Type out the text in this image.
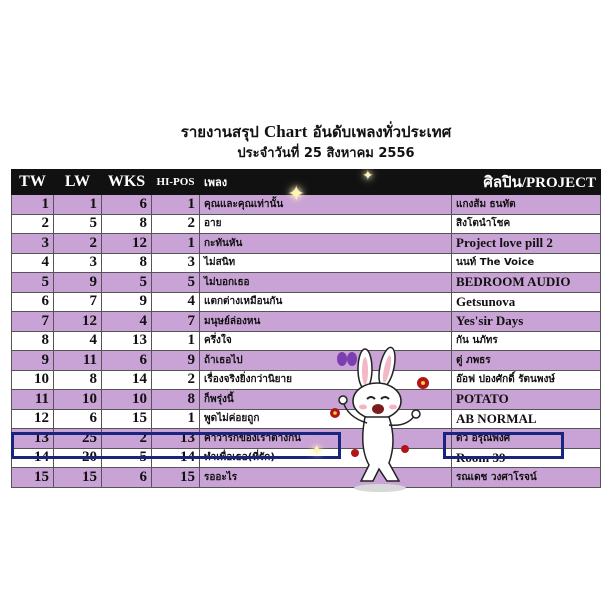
รายงานสรุป Chart อันดับเพลงทั่วประเทศ
ประจำวันที่ 25 สิงหาคม 2556
TW	LW	WKS	HI-POS	เพลง	ศิลปิน/PROJECT
1	1	6	1	คุณและคุณเท่านั้น	แกงส้ม ธนทัต
2	5	8	2	อาย	สิงโตนำโชค
3	2	12	1	กะทันหัน	Project love pill 2
4	3	8	3	ไม่สนิท	นนท์ The Voice
5	9	5	5	ไม่บอกเธอ	BEDROOM AUDIO
6	7	9	4	แตกต่างเหมือนกัน	Getsunova
7	12	4	7	มนุษย์ล่องหน	Yes'sir Days
8	4	13	1	ครึ่งใจ	กัน นภัทร
9	11	6	9	ถ้าเธอไป	ตู่ ภพธร
10	8	14	2	เรื่องจริงยิ่งกว่านิยาย	อ๊อฟ ปองศักดิ์ รัตนพงษ์
11	10	10	8	ก็พรุ่งนี้	POTATO
12	6	15	1	พูดไม่ค่อยถูก	AB NORMAL
13	25	2	13	คำว่ารักของเราต่างกัน	ดิว อรุณพงศ์
14	20	5	14	ทำเพื่อเธอ(ที่รัก)	Room 39
15	15	6	15	รออะไร	รณเดช วงศาโรจน์
✦
✦
✦
